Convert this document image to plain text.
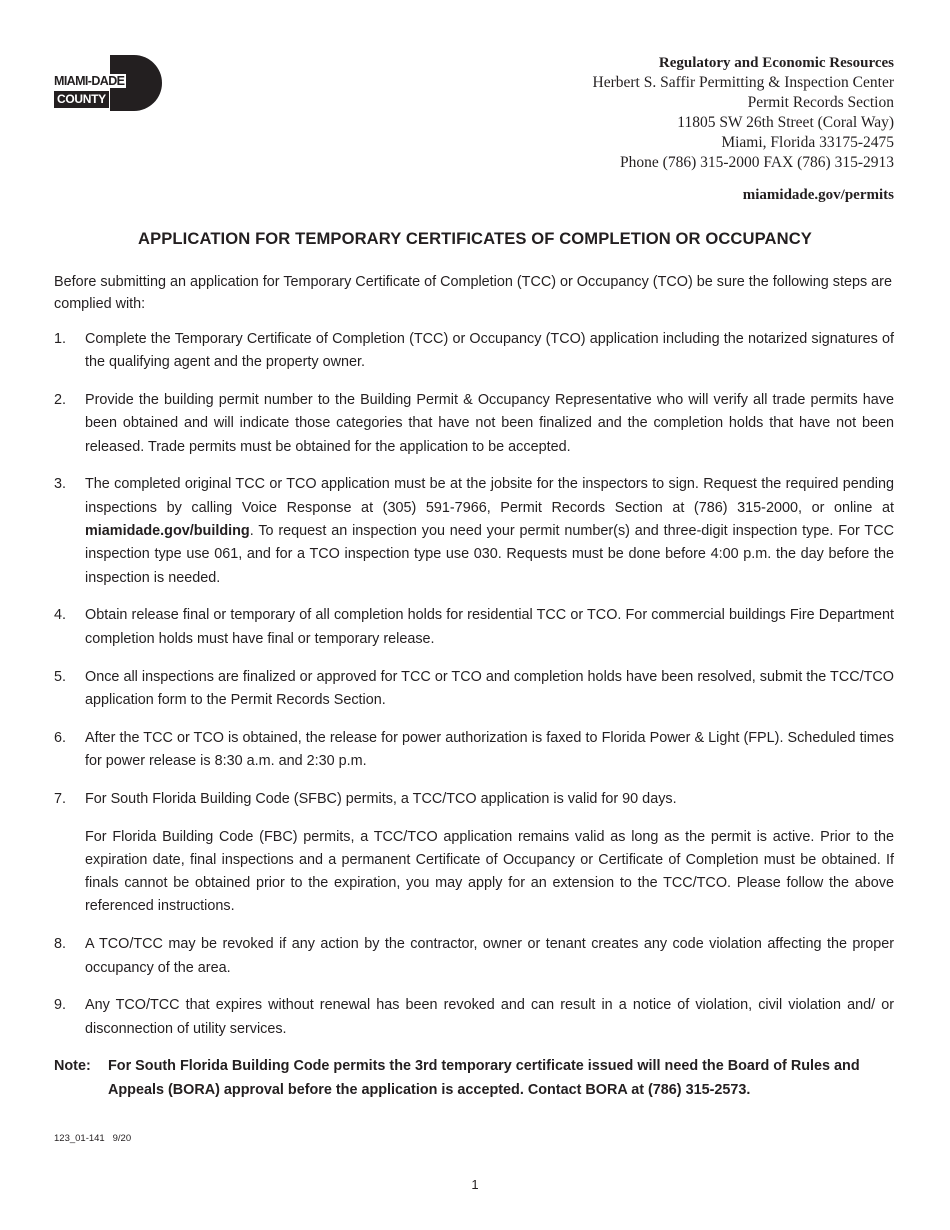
MIAMI-DADE
COUNTY
Regulatory and Economic Resources
Herbert S. Saffir Permitting & Inspection Center
Permit Records Section
11805 SW 26th Street (Coral Way)
Miami, Florida 33175-2475
Phone (786) 315-2000 FAX (786) 315-2913
miamidade.gov/permits
APPLICATION FOR TEMPORARY CERTIFICATES OF COMPLETION OR OCCUPANCY

Before submitting an application for Temporary Certificate of Completion (TCC) or Occupancy (TCO) be sure the following steps are complied with:

1.	Complete the Temporary Certificate of Completion (TCC) or Occupancy (TCO) application including the notarized signatures of the qualifying agent and the property owner.

2.	Provide the building permit number to the Building Permit & Occupancy Representative who will verify all trade permits have been obtained and will indicate those categories that have not been finalized and the completion holds that have not been released. Trade permits must be obtained for the application to be accepted.

3.	The completed original TCC or TCO application must be at the jobsite for the inspectors to sign. Request the required pending inspections by calling Voice Response at (305) 591-7966, Permit Records Section at (786) 315-2000, or online at miamidade.gov/building. To request an inspection you need your permit number(s) and three-digit inspection type. For TCC inspection type use 061, and for a TCO inspection type use 030. Requests must be done before 4:00 p.m. the day before the inspection is needed.

4.	Obtain release final or temporary of all completion holds for residential TCC or TCO. For commercial buildings Fire Department completion holds must have final or temporary release.

5.	Once all inspections are finalized or approved for TCC or TCO and completion holds have been resolved, submit the TCC/TCO application form to the Permit Records Section.

6.	After the TCC or TCO is obtained, the release for power authorization is faxed to Florida Power & Light (FPL). Scheduled times for power release is 8:30 a.m. and 2:30 p.m.

7.	For South Florida Building Code (SFBC) permits, a TCC/TCO application is valid for 90 days.

For Florida Building Code (FBC) permits, a TCC/TCO application remains valid as long as the permit is active. Prior to the expiration date, final inspections and a permanent Certificate of Occupancy or Certificate of Completion must be obtained. If finals cannot be obtained prior to the expiration, you may apply for an extension to the TCC/TCO. Please follow the above referenced instructions.

8.	A TCO/TCC may be revoked if any action by the contractor, owner or tenant creates any code violation affecting the proper occupancy of the area.

9.	Any TCO/TCC that expires without renewal has been revoked and can result in a notice of violation, civil violation and/ or disconnection of utility services.

Note:	For South Florida Building Code permits the 3rd temporary certificate issued will need the Board of Rules and Appeals (BORA) approval before the application is accepted. Contact BORA at (786) 315-2573.
123_01-141   9/20
1
